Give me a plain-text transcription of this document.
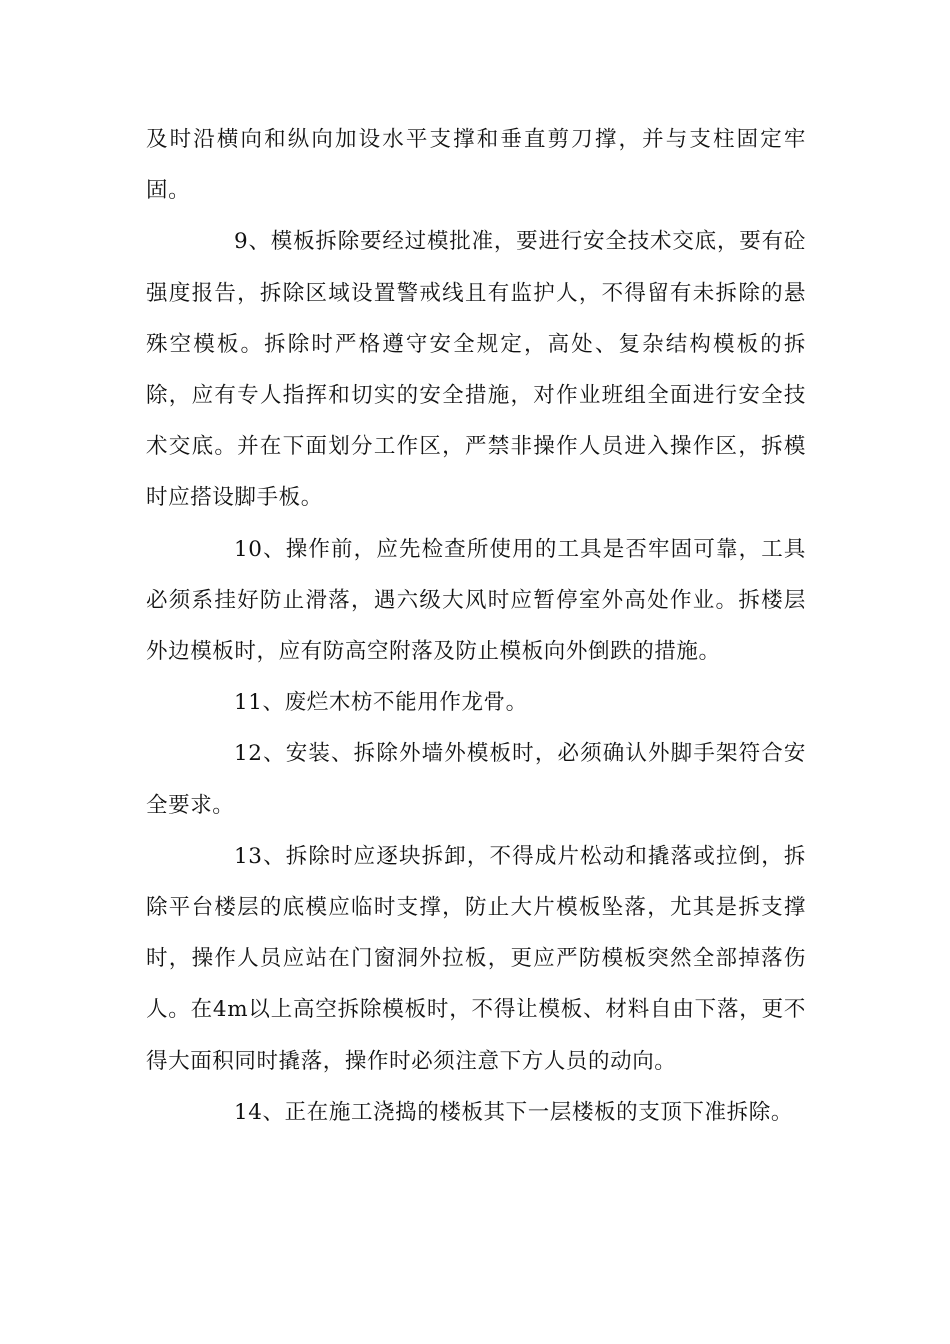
及时沿横向和纵向加设水平支撑和垂直剪刀撑，并与支柱固定牢固。

9、模板拆除要经过模批准，要进行安全技术交底，要有砼强度报告，拆除区域设置警戒线且有监护人，不得留有未拆除的悬殊空模板。拆除时严格遵守安全规定，高处、复杂结构模板的拆除，应有专人指挥和切实的安全措施，对作业班组全面进行安全技术交底。并在下面划分工作区，严禁非操作人员进入操作区，拆模时应搭设脚手板。

10、操作前，应先检查所使用的工具是否牢固可靠，工具必须系挂好防止滑落，遇六级大风时应暂停室外高处作业。拆楼层外边模板时，应有防高空附落及防止模板向外倒跌的措施。

11、废烂木枋不能用作龙骨。

12、安装、拆除外墙外模板时，必须确认外脚手架符合安全要求。

13、拆除时应逐块拆卸，不得成片松动和撬落或拉倒，拆除平台楼层的底模应临时支撑，防止大片模板坠落，尤其是拆支撑时，操作人员应站在门窗洞外拉板，更应严防模板突然全部掉落伤人。在4m以上高空拆除模板时，不得让模板、材料自由下落，更不得大面积同时撬落，操作时必须注意下方人员的动向。

14、正在施工浇捣的楼板其下一层楼板的支顶下准拆除。
